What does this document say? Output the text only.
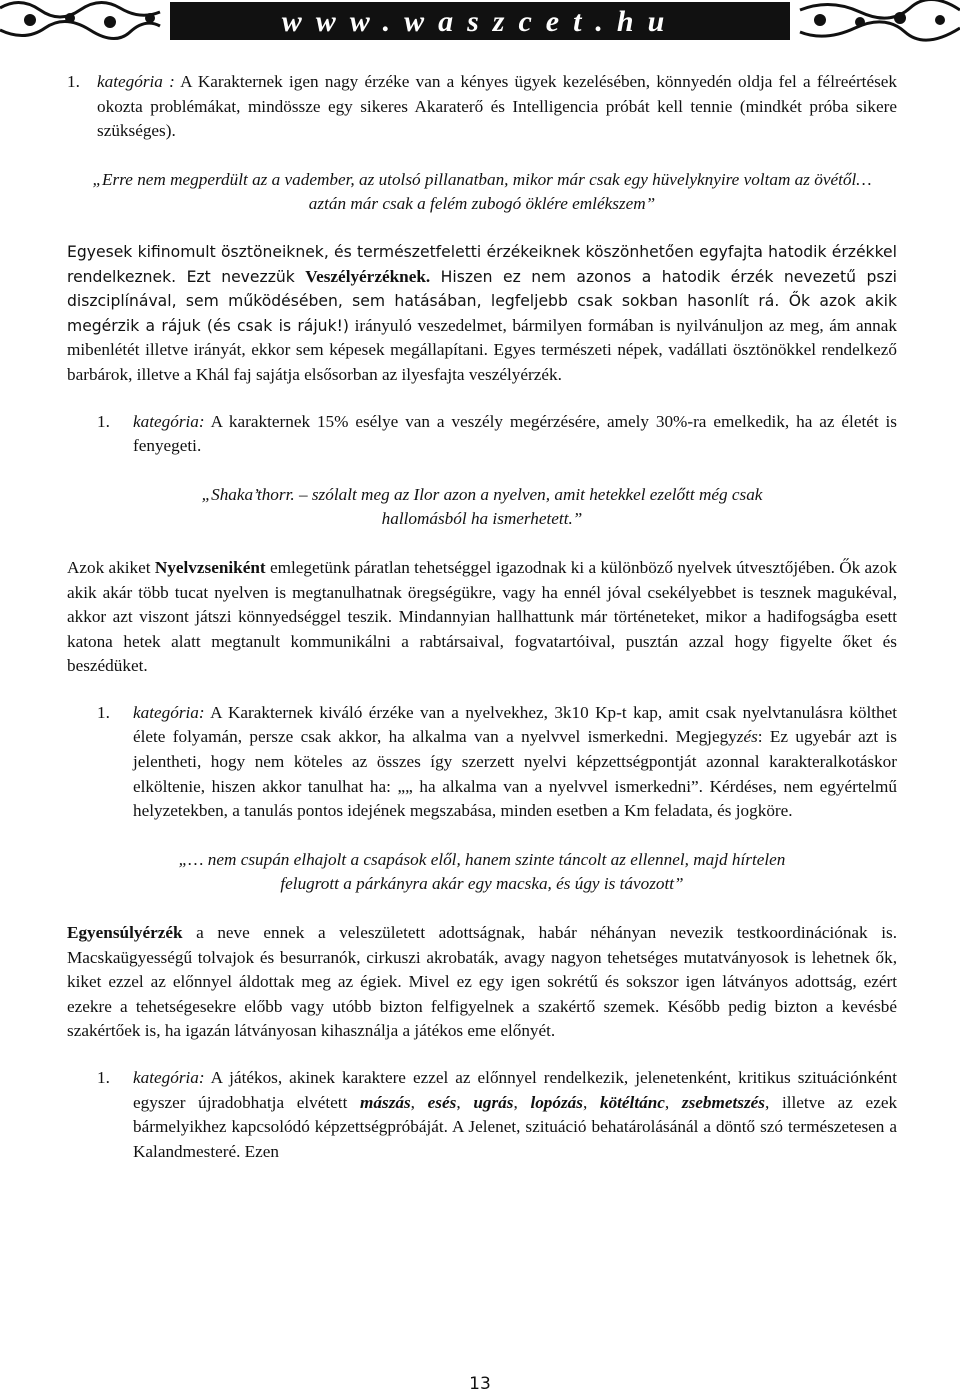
www.waszcet.hu

1. kategória : A Karakternek igen nagy érzéke van a kényes ügyek kezelésében, könnyedén oldja fel a félreértések okozta problémákat, mindössze egy sikeres Akaraterő és Intelligencia próbát kell tennie (mindkét próba sikere szükséges).

„Erre nem megperdült az a vadember, az utolsó pillanatban, mikor már csak egy hüvelyknyire voltam az övétől… aztán már csak a felém zubogó öklére emlékszem”

Egyesek kifinomult ösztöneiknek, és természetfeletti érzékeiknek köszönhetően egyfajta hatodik érzékkel rendelkeznek. Ezt nevezzük Veszélyérzéknek. Hiszen ez nem azonos a hatodik érzék nevezetű pszi diszciplínával, sem működésében, sem hatásában, legfeljebb csak sokban hasonlít rá. Ők azok akik megérzik a rájuk (és csak is rájuk!) irányuló veszedelmet, bármilyen formában is nyilvánuljon az meg, ám annak mibenlétét illetve irányát, ekkor sem képesek megállapítani. Egyes természeti népek, vadállati ösztönökkel rendelkező barbárok, illetve a Khál faj sajátja elsősorban az ilyesfajta veszélyérzék.

1. kategória: A karakternek 15% esélye van a veszély megérzésére, amely 30%-ra emelkedik, ha az életét is fenyegeti.

„Shaka’thorr. – szólalt meg az Ilor azon a nyelven, amit hetekkel ezelőtt még csak
hallomásból ha ismerhetett.”

Azok akiket Nyelvzseniként emlegetünk páratlan tehetséggel igazodnak ki a különböző nyelvek útvesztőjében. Ők azok akik akár több tucat nyelven is megtanulhatnak öregségükre, vagy ha ennél jóval csekélyebbet is tesznek magukéval, akkor azt viszont játszi könnyedséggel teszik. Mindannyian hallhattunk már történeteket, mikor a hadifogságba esett katona hetek alatt megtanult kommunikálni a rabtársaival, fogvatartóival, pusztán azzal hogy figyelte őket és beszédüket.

1. kategória: A Karakternek kiváló érzéke van a nyelvekhez, 3k10 Kp-t kap, amit csak nyelvtanulásra költhet élete folyamán, persze csak akkor, ha alkalma van a nyelvvel ismerkedni. Megjegyzés: Ez ugyebár azt is jelentheti, hogy nem köteles az összes így szerzett nyelvi képzettségpontját azonnal karakteralkotáskor elköltenie, hiszen akkor tanulhat ha: „„ ha alkalma van a nyelvvel ismerkedni”. Kérdéses, nem egyértelmű helyzetekben, a tanulás pontos idejének megszabása, minden esetben a Km feladata, és jogköre.

„… nem csupán elhajolt a csapások elől, hanem szinte táncolt az ellennel, majd hírtelen
felugrott a párkányra akár egy macska, és úgy is távozott”

Egyensúlyérzék a neve ennek a veleszületett adottságnak, habár néhányan nevezik testkoordinációnak is. Macskaügyességű tolvajok és besurranók, cirkuszi akrobaták, avagy nagyon tehetséges mutatványosok is lehetnek ők, kiket ezzel az előnnyel áldottak meg az égiek. Mivel ez egy igen sokrétű és sokszor igen látványos adottság, ezért ezekre a tehetségesekre előbb vagy utóbb bizton felfigyelnek a szakértő szemek. Később pedig bizton a kevésbé szakértőek is, ha igazán látványosan kihasználja a játékos eme előnyét.

1. kategória: A játékos, akinek karaktere ezzel az előnnyel rendelkezik, jelenetenként, kritikus szituációnként egyszer újradobhatja elvétett mászás, esés, ugrás, lopózás, kötéltánc, zsebmetszés, illetve az ezek bármelyikhez kapcsolódó képzettségpróbáját. A Jelenet, szituáció behatárolásánál a döntő szó természetesen a Kalandmesteré. Ezen

13
